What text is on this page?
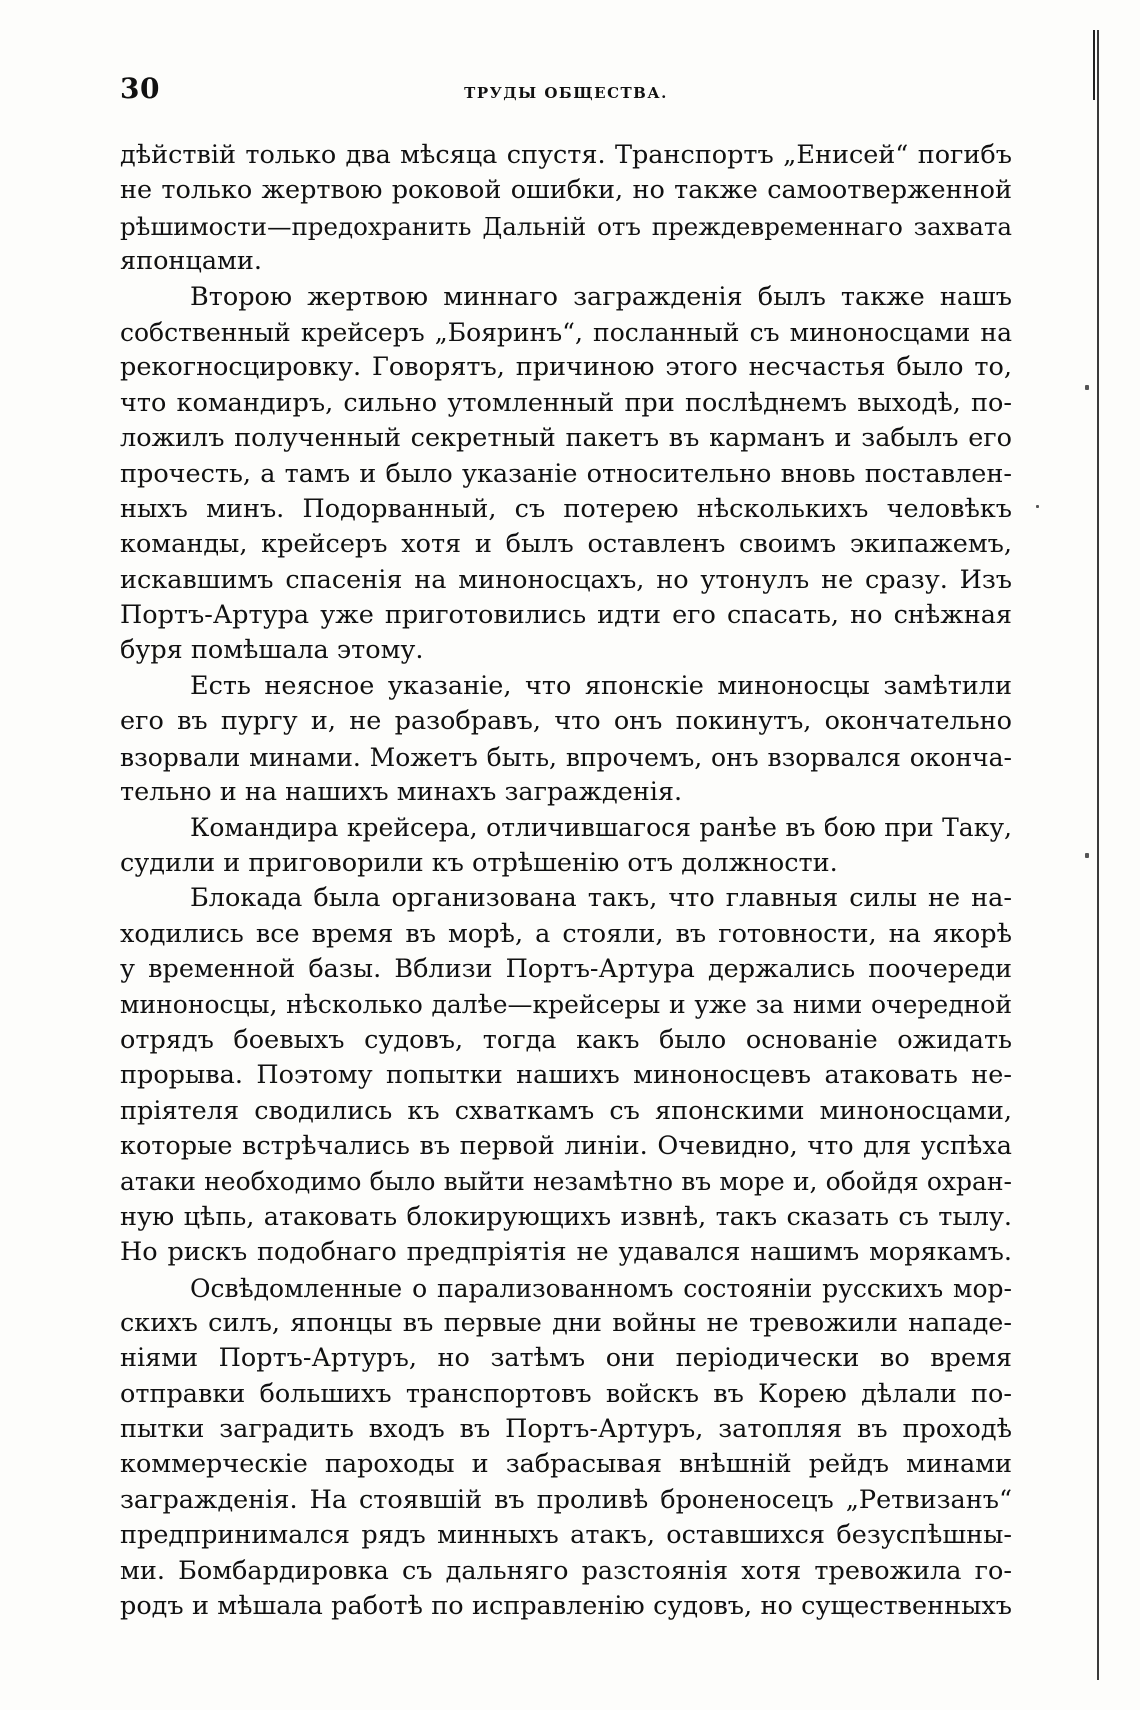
30	ТРУДЫ ОБЩЕСТВА.
дѣйствій только два мѣсяца спустя. Транспортъ „Енисей“ погибъ
не только жертвою роковой ошибки, но также самоотверженной
рѣшимости—предохранить Дальній отъ преждевременнаго захвата
японцами.
Второю жертвою миннаго загражденія былъ также нашъ
собственный крейсеръ „Бояринъ“, посланный съ миноносцами на
рекогносцировку. Говорятъ, причиною этого несчастья было то,
что командиръ, сильно утомленный при послѣднемъ выходѣ, по-
ложилъ полученный секретный пакетъ въ карманъ и забылъ его
прочесть, а тамъ и было указаніе относительно вновь поставлен-
ныхъ минъ. Подорванный, съ потерею нѣсколькихъ человѣкъ
команды, крейсеръ хотя и былъ оставленъ своимъ экипажемъ,
искавшимъ спасенія на миноносцахъ, но утонулъ не сразу. Изъ
Портъ-Артура уже приготовились идти его спасать, но снѣжная
буря помѣшала этому.
Есть неясное указаніе, что японскіе миноносцы замѣтили
его въ пургу и, не разобравъ, что онъ покинутъ, окончательно
взорвали минами. Можетъ быть, впрочемъ, онъ взорвался оконча-
тельно и на нашихъ минахъ загражденія.
Командира крейсера, отличившагося ранѣе въ бою при Таку,
судили и приговорили къ отрѣшенію отъ должности.
Блокада была организована такъ, что главныя силы не на-
ходились все время въ морѣ, а стояли, въ готовности, на якорѣ
у временной базы. Вблизи Портъ-Артура держались поочереди
миноносцы, нѣсколько далѣе—крейсеры и уже за ними очередной
отрядъ боевыхъ судовъ, тогда какъ было основаніе ожидать
прорыва. Поэтому попытки нашихъ миноносцевъ атаковать не-
пріятеля сводились къ схваткамъ съ японскими миноносцами,
которые встрѣчались въ первой линіи. Очевидно, что для успѣха
атаки необходимо было выйти незамѣтно въ море и, обойдя охран-
ную цѣпь, атаковать блокирующихъ извнѣ, такъ сказать съ тылу.
Но рискъ подобнаго предпріятія не удавался нашимъ морякамъ.
Освѣдомленные о парализованномъ состояніи русскихъ мор-
скихъ силъ, японцы въ первые дни войны не тревожили нападе-
ніями Портъ-Артуръ, но затѣмъ они періодически во время
отправки большихъ транспортовъ войскъ въ Корею дѣлали по-
пытки заградить входъ въ Портъ-Артуръ, затопляя въ проходѣ
коммерческіе пароходы и забрасывая внѣшній рейдъ минами
загражденія. На стоявшій въ проливѣ броненосецъ „Ретвизанъ“
предпринимался рядъ минныхъ атакъ, оставшихся безуспѣшны-
ми. Бомбардировка съ дальняго разстоянія хотя тревожила го-
родъ и мѣшала работѣ по исправленію судовъ, но существенныхъ
